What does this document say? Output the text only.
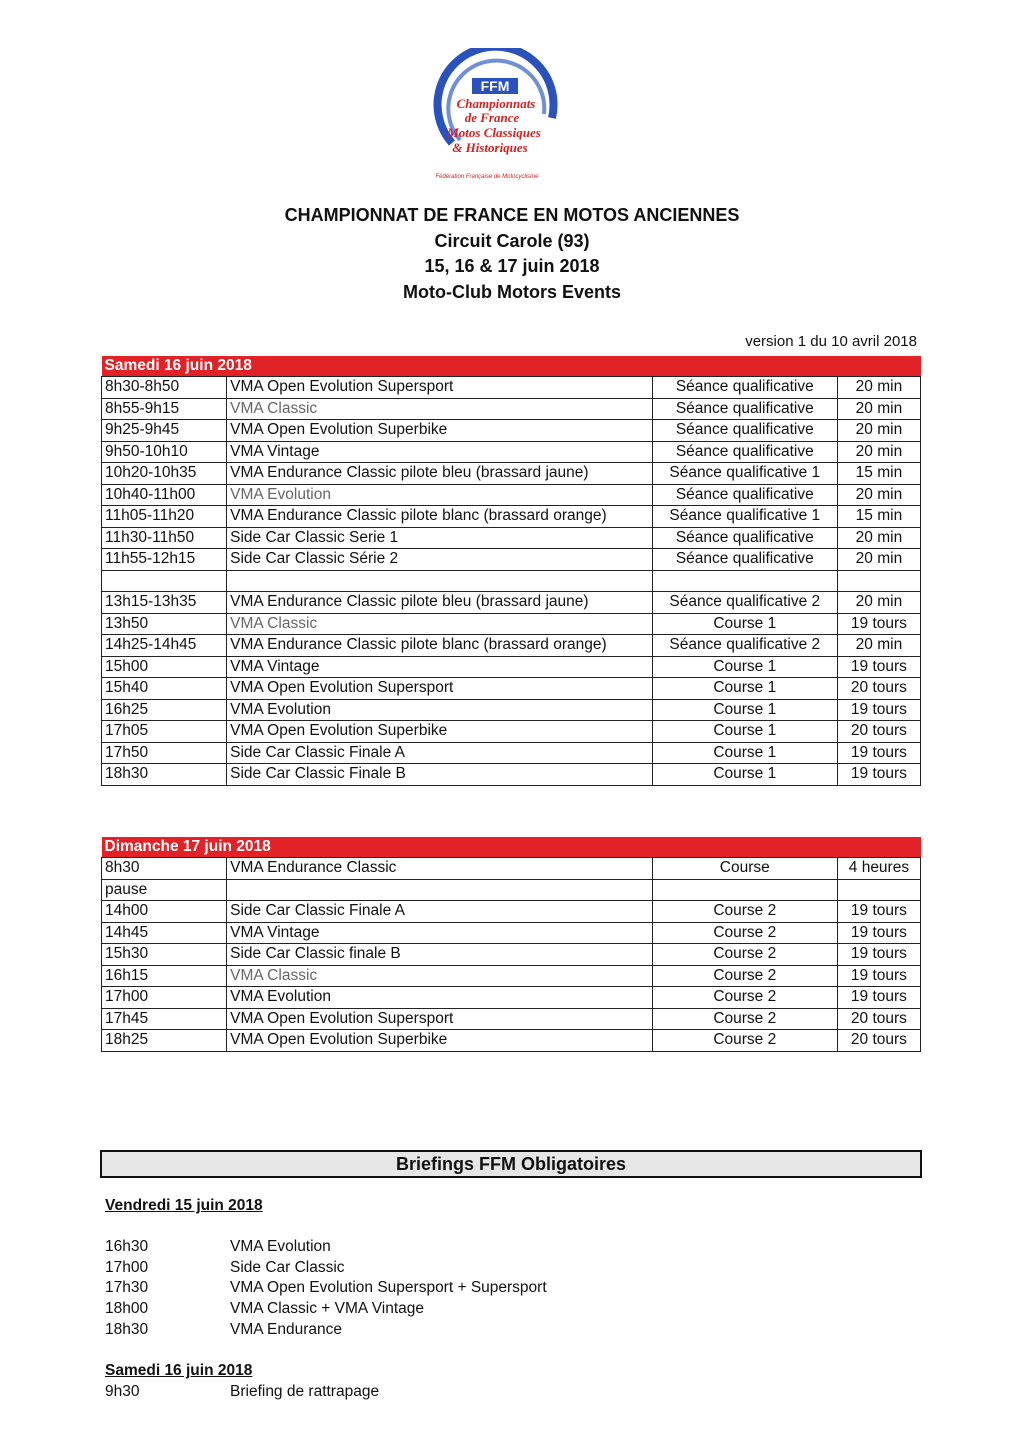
FFM
Championnats
de France
Motos Classiques
& Historiques
Fédération Française de Motocyclisme
CHAMPIONNAT DE FRANCE EN MOTOS ANCIENNES
Circuit Carole (93)
15, 16 & 17 juin 2018
Moto-Club Motors Events
version 1 du 10 avril 2018
Samedi 16 juin 2018			
8h30-8h50	VMA Open Evolution Supersport	Séance qualificative	20 min
8h55-9h15	VMA Classic	Séance qualificative	20 min
9h25-9h45	VMA Open Evolution Superbike	Séance qualificative	20 min
9h50-10h10	VMA Vintage	Séance qualificative	20 min
10h20-10h35	VMA Endurance Classic pilote bleu (brassard jaune)	Séance qualificative 1	15 min
10h40-11h00	VMA Evolution	Séance qualificative	20 min
11h05-11h20	VMA Endurance Classic pilote blanc (brassard orange)	Séance qualificative 1	15 min
11h30-11h50	Side Car Classic Serie 1	Séance qualificative	20 min
11h55-12h15	Side Car Classic Série 2	Séance qualificative	20 min

13h15-13h35	VMA Endurance Classic pilote bleu (brassard jaune)	Séance qualificative 2	20 min
13h50	VMA Classic	Course 1	19 tours
14h25-14h45	VMA Endurance Classic pilote blanc (brassard orange)	Séance qualificative 2	20 min
15h00	VMA Vintage	Course 1	19 tours
15h40	VMA Open Evolution Supersport	Course 1	20 tours
16h25	VMA Evolution	Course 1	19 tours
17h05	VMA Open Evolution Superbike	Course 1	20 tours
17h50	Side Car Classic Finale A	Course 1	19 tours
18h30	Side Car Classic Finale B	Course 1	19 tours
Dimanche 17 juin 2018			
8h30	VMA Endurance Classic	Course	4 heures
pause			
14h00	Side Car Classic Finale A	Course 2	19 tours
14h45	VMA Vintage	Course 2	19 tours
15h30	Side Car Classic finale B	Course 2	19 tours
16h15	VMA Classic	Course 2	19 tours
17h00	VMA Evolution	Course 2	19 tours
17h45	VMA Open Evolution Supersport	Course 2	20 tours
18h25	VMA Open Evolution Superbike	Course 2	20 tours
Briefings FFM Obligatoires
Vendredi 15 juin 2018
16h30	VMA Evolution
17h00	Side Car Classic
17h30	VMA Open Evolution Supersport + Supersport
18h00	VMA Classic + VMA Vintage
18h30	VMA Endurance
Samedi 16 juin 2018
9h30	Briefing de rattrapage
